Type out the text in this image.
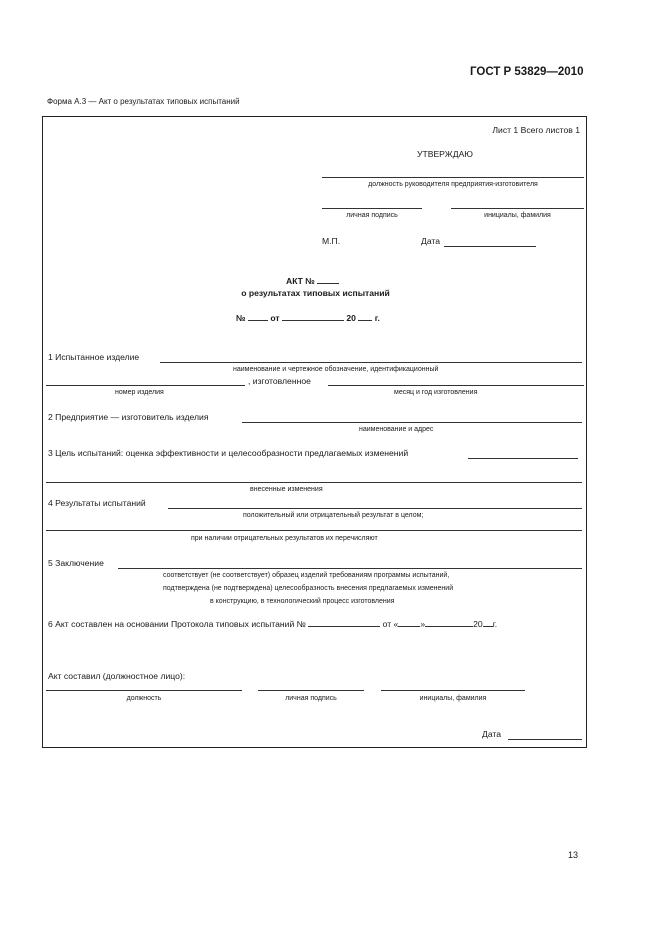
ГОСТ Р 53829—2010
Форма А.3 — Акт о результатах типовых испытаний
Лист 1 Всего листов 1
УТВЕРЖДАЮ
должность руководителя предприятия-изготовителя
личная подпись	инициалы, фамилия
М.П.	Дата
АКТ №
о результатах типовых испытаний
№	от	20 г.
1 Испытанное изделие
наименование и чертежное обозначение, идентификационный
, изготовленное
номер изделия	месяц и год изготовления
2 Предприятие — изготовитель изделия
наименование и адрес
3 Цель испытаний: оценка эффективности и целесообразности предлагаемых изменений
внесенные изменения
4 Результаты испытаний
положительный или отрицательный результат в целом;
при наличии отрицательных результатов их перечисляют
5 Заключение
соответствует (не соответствует) образец изделий требованиям программы испытаний,
подтверждена (не подтверждена) целесообразность внесения предлагаемых изменений
в конструкцию, в технологический процесс изготовления
6 Акт составлен на основании Протокола типовых испытаний №	от «	»	20 г.
Акт составил (должностное лицо):
должность	личная подпись	инициалы, фамилия
Дата
13
